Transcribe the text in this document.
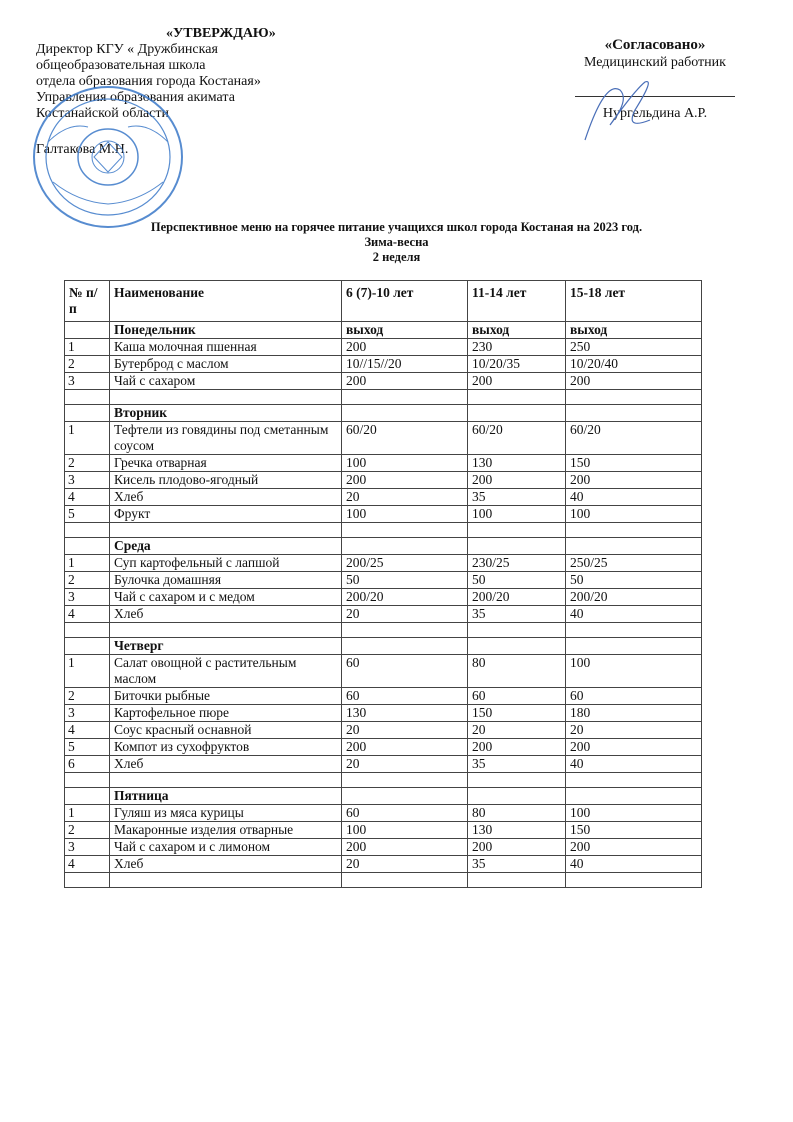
«УТВЕРЖДАЮ»
Директор КГУ « Дружбинская
общеобразовательная школа
отдела образования города Костаная»
Управления образования акимата
Костанайской области
Галтакова М.Н.
«Согласовано»
Медицинский работник
Нургельдина А.Р.
Перспективное меню на горячее питание учащихся школ города Костаная на 2023 год.
Зима-весна
2 неделя
№ п/п	Наименование	6 (7)-10 лет	11-14 лет	15-18 лет
	Понедельник	выход	выход	выход
1	Каша молочная пшенная	200	230	250
2	Бутерброд с маслом	10//15//20	10/20/35	10/20/40
3	Чай с сахаром	200	200	200

	Вторник			
1	Тефтели из говядины под сметанным соусом	60/20	60/20	60/20
2	Гречка отварная	100	130	150
3	Кисель плодово-ягодный	200	200	200
4	Хлеб	20	35	40
5	Фрукт	100	100	100

	Среда			
1	Суп картофельный с лапшой	200/25	230/25	250/25
2	Булочка домашняя	50	50	50
3	Чай с сахаром и с медом	200/20	200/20	200/20
4	Хлеб	20	35	40

	Четверг			
1	Салат овощной с растительным маслом	60	80	100
2	Биточки рыбные	60	60	60
3	Картофельное пюре	130	150	180
4	Соус красный оснавной	20	20	20
5	Компот из сухофруктов	200	200	200
6	Хлеб	20	35	40

	Пятница			
1	Гуляш из мяса курицы	60	80	100
2	Макаронные изделия отварные	100	130	150
3	Чай с сахаром и с лимоном	200	200	200
4	Хлеб	20	35	40
